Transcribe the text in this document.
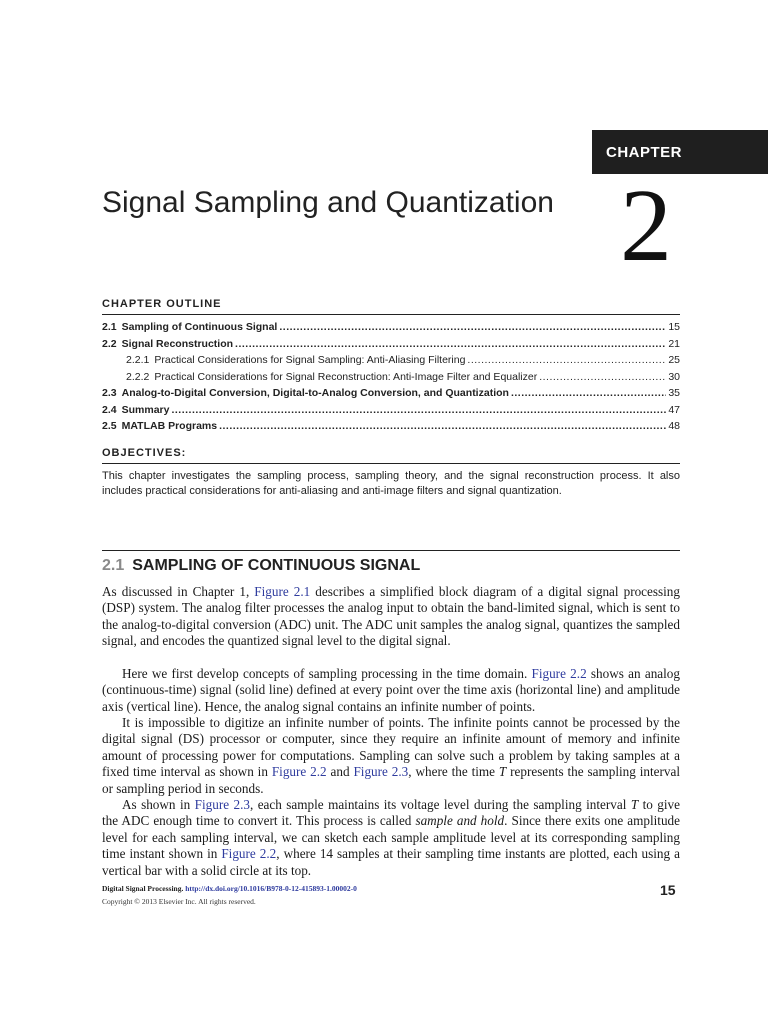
CHAPTER
Signal Sampling and Quantization 2
CHAPTER OUTLINE
2.1 Sampling of Continuous Signal .....	15
2.2 Signal Reconstruction .....	21
2.2.1 Practical Considerations for Signal Sampling: Anti-Aliasing Filtering .....	25
2.2.2 Practical Considerations for Signal Reconstruction: Anti-Image Filter and Equalizer .....	30
2.3 Analog-to-Digital Conversion, Digital-to-Analog Conversion, and Quantization .....	35
2.4 Summary .....	47
2.5 MATLAB Programs .....	48
OBJECTIVES:

This chapter investigates the sampling process, sampling theory, and the signal reconstruction process. It also includes practical considerations for anti-aliasing and anti-image filters and signal quantization.

2.1 SAMPLING OF CONTINUOUS SIGNAL

As discussed in Chapter 1, Figure 2.1 describes a simplified block diagram of a digital signal processing (DSP) system. The analog filter processes the analog input to obtain the band-limited signal, which is sent to the analog-to-digital conversion (ADC) unit. The ADC unit samples the analog signal, quantizes the sampled signal, and encodes the quantized signal level to the digital signal.

Here we first develop concepts of sampling processing in the time domain. Figure 2.2 shows an analog (continuous-time) signal (solid line) defined at every point over the time axis (horizontal line) and amplitude axis (vertical line). Hence, the analog signal contains an infinite number of points.

It is impossible to digitize an infinite number of points. The infinite points cannot be processed by the digital signal (DS) processor or computer, since they require an infinite amount of memory and infinite amount of processing power for computations. Sampling can solve such a problem by taking samples at a fixed time interval as shown in Figure 2.2 and Figure 2.3, where the time T represents the sampling interval or sampling period in seconds.

As shown in Figure 2.3, each sample maintains its voltage level during the sampling interval T to give the ADC enough time to convert it. This process is called sample and hold. Since there exits one amplitude level for each sampling interval, we can sketch each sample amplitude level at its corresponding sampling time instant shown in Figure 2.2, where 14 samples at their sampling time instants are plotted, each using a vertical bar with a solid circle at its top.

Digital Signal Processing. http://dx.doi.org/10.1016/B978-0-12-415893-1.00002-0
Copyright © 2013 Elsevier Inc. All rights reserved.
15
